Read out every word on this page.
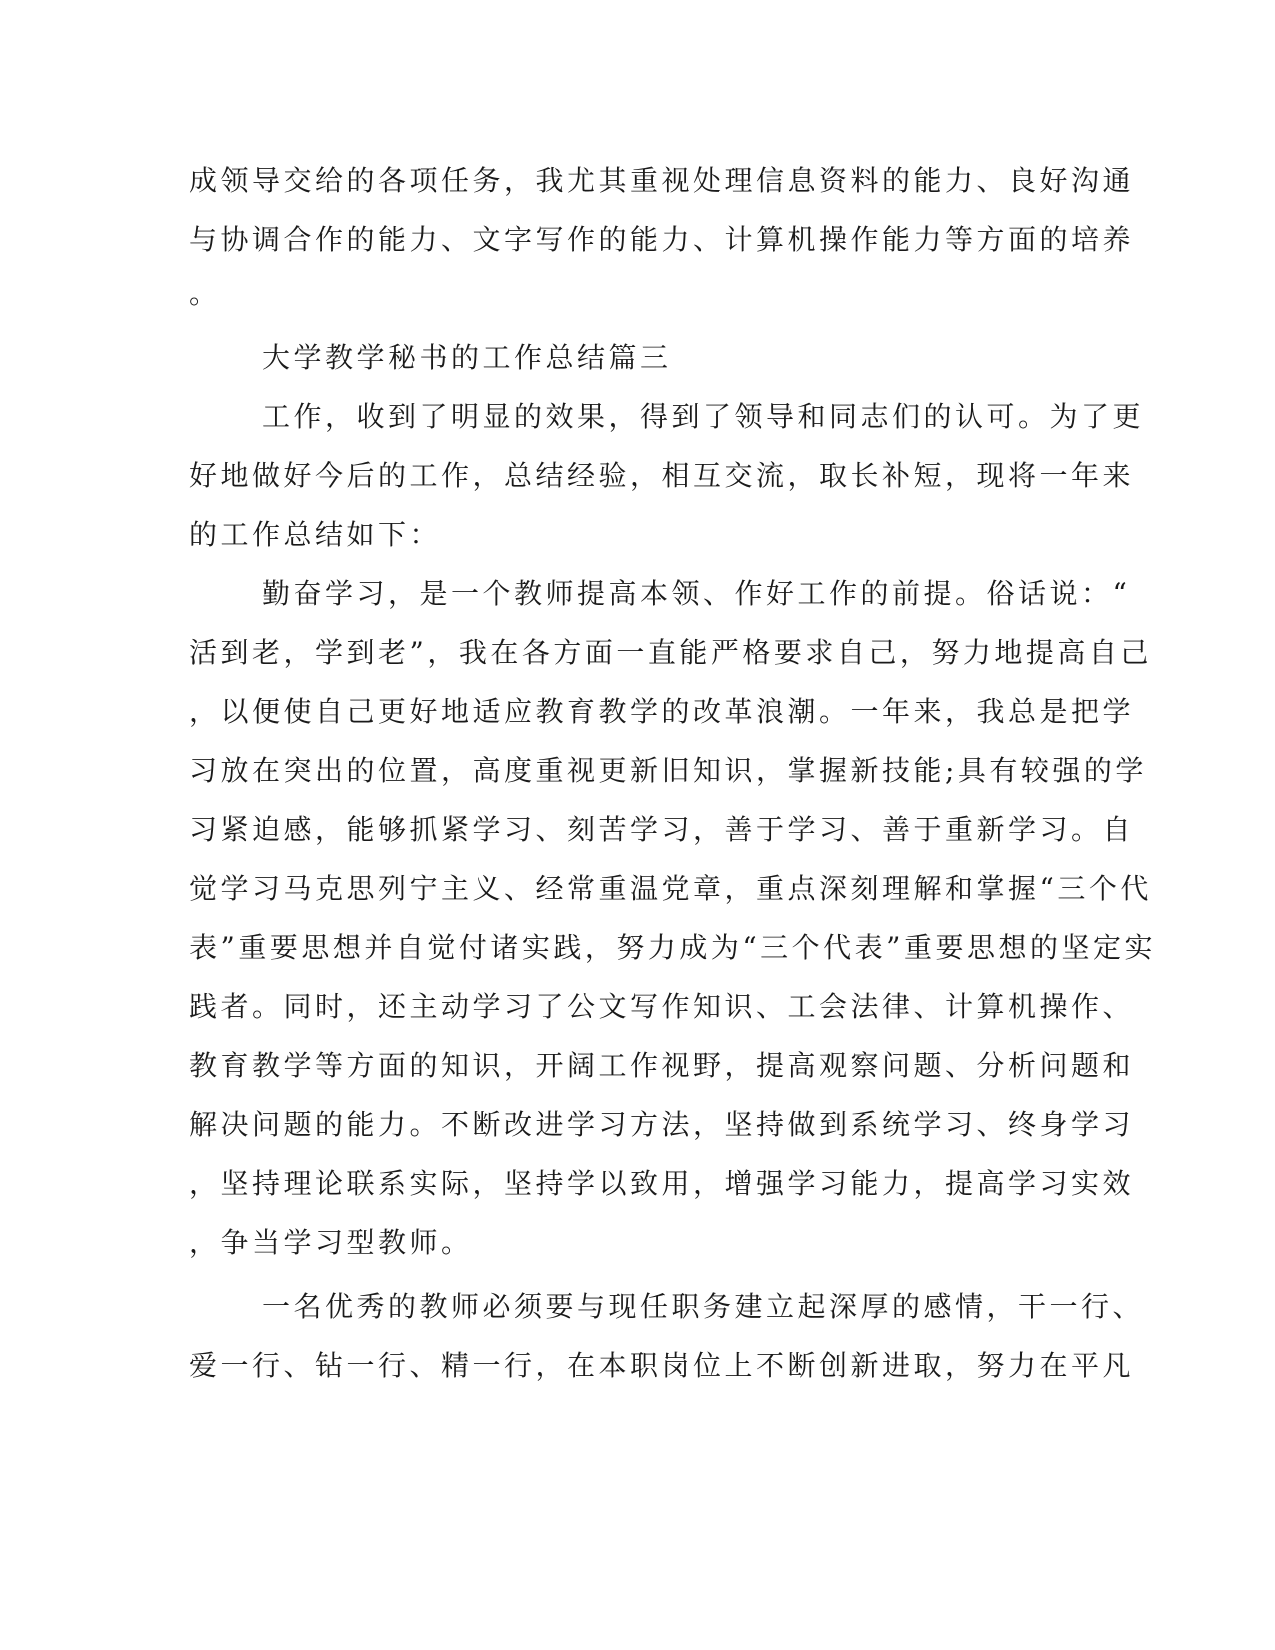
成领导交给的各项任务，我尤其重视处理信息资料的能力、良好沟通
与协调合作的能力、文字写作的能力、计算机操作能力等方面的培养
。
大学教学秘书的工作总结篇三
工作，收到了明显的效果，得到了领导和同志们的认可。为了更
好地做好今后的工作，总结经验，相互交流，取长补短，现将一年来
的工作总结如下：
勤奋学习，是一个教师提高本领、作好工作的前提。俗话说：“
活到老，学到老”，我在各方面一直能严格要求自己，努力地提高自己
，以便使自己更好地适应教育教学的改革浪潮。一年来，我总是把学
习放在突出的位置，高度重视更新旧知识，掌握新技能;具有较强的学
习紧迫感，能够抓紧学习、刻苦学习，善于学习、善于重新学习。自
觉学习马克思列宁主义、经常重温党章，重点深刻理解和掌握“三个代
表”重要思想并自觉付诸实践，努力成为“三个代表”重要思想的坚定实
践者。同时，还主动学习了公文写作知识、工会法律、计算机操作、
教育教学等方面的知识，开阔工作视野，提高观察问题、分析问题和
解决问题的能力。不断改进学习方法，坚持做到系统学习、终身学习
，坚持理论联系实际，坚持学以致用，增强学习能力，提高学习实效
，争当学习型教师。
一名优秀的教师必须要与现任职务建立起深厚的感情，干一行、
爱一行、钻一行、精一行，在本职岗位上不断创新进取，努力在平凡
